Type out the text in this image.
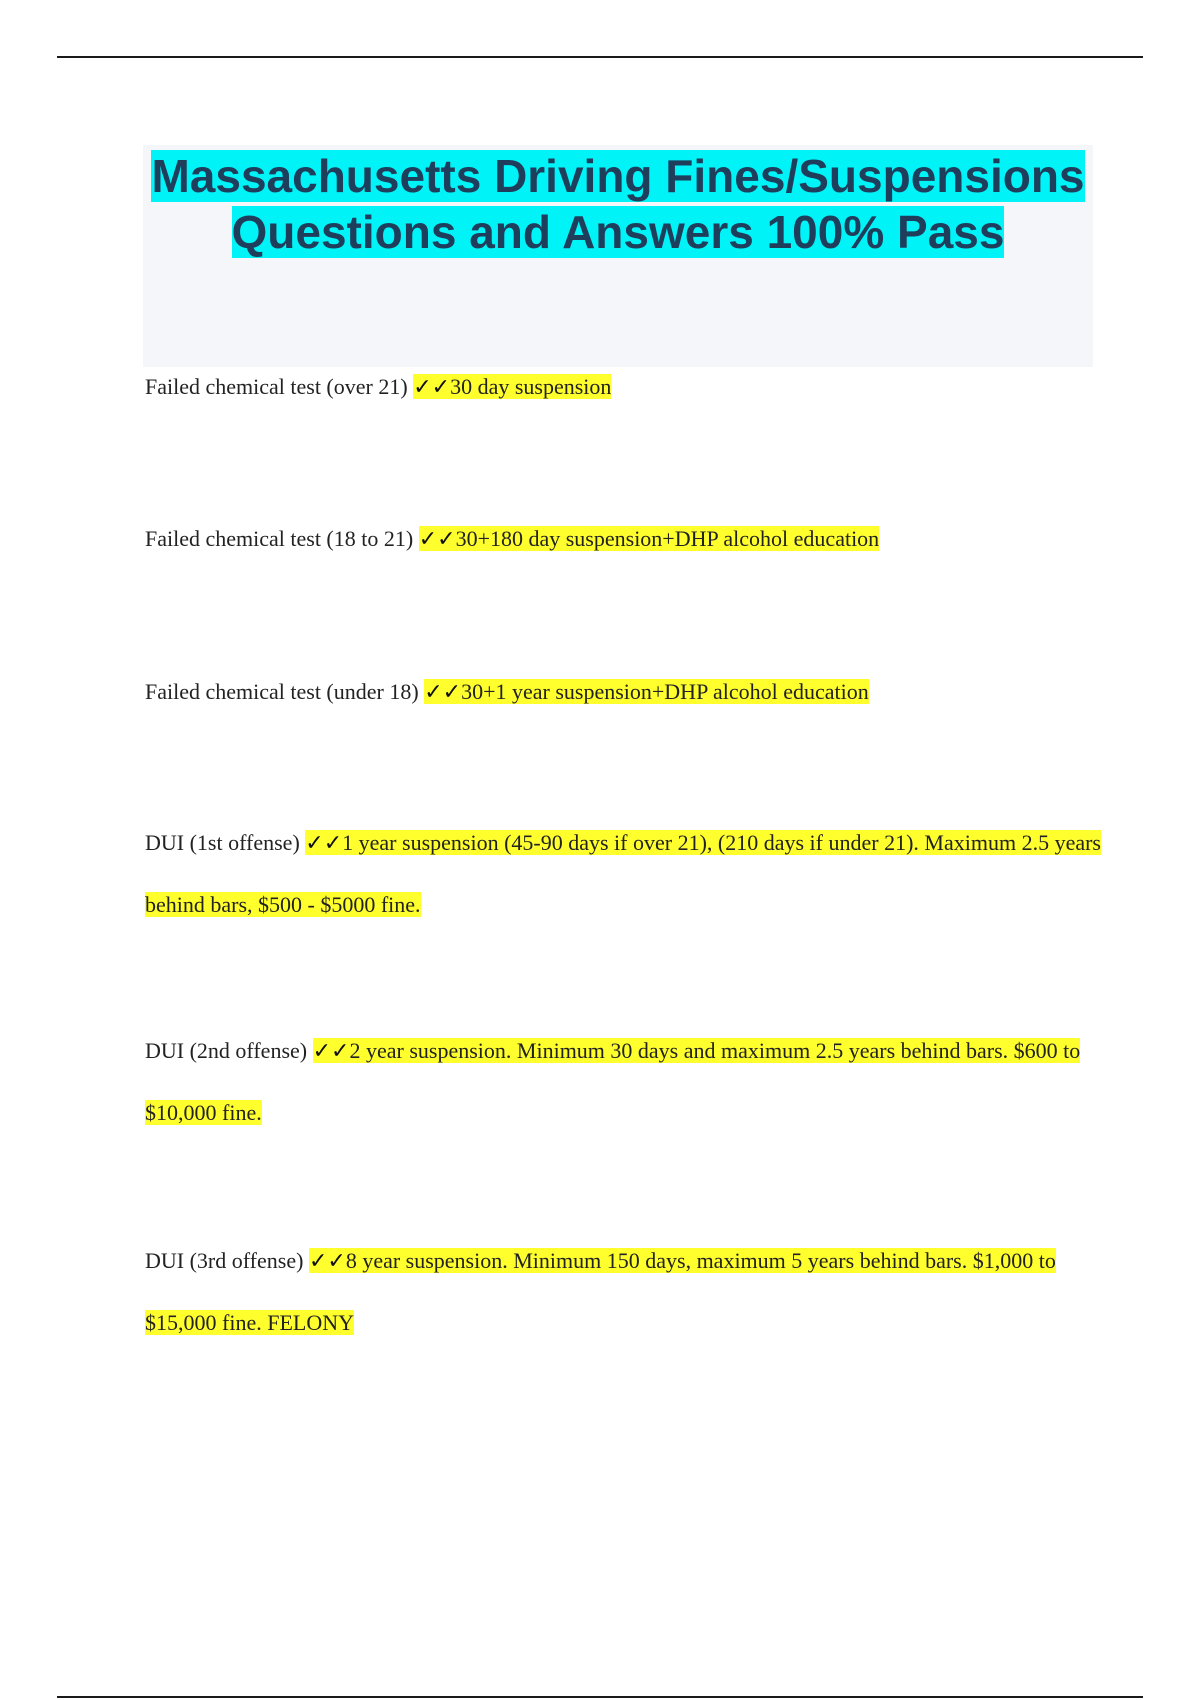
Massachusetts Driving Fines/Suspensions Questions and Answers 100% Pass

Failed chemical test (over 21) ✓✓30 day suspension

Failed chemical test (18 to 21) ✓✓30+180 day suspension+DHP alcohol education

Failed chemical test (under 18) ✓✓30+1 year suspension+DHP alcohol education

DUI (1st offense) ✓✓1 year suspension (45-90 days if over 21), (210 days if under 21). Maximum 2.5 years behind bars, $500 - $5000 fine.

DUI (2nd offense) ✓✓2 year suspension. Minimum 30 days and maximum 2.5 years behind bars. $600 to $10,000 fine.

DUI (3rd offense) ✓✓8 year suspension. Minimum 150 days, maximum 5 years behind bars. $1,000 to $15,000 fine. FELONY
